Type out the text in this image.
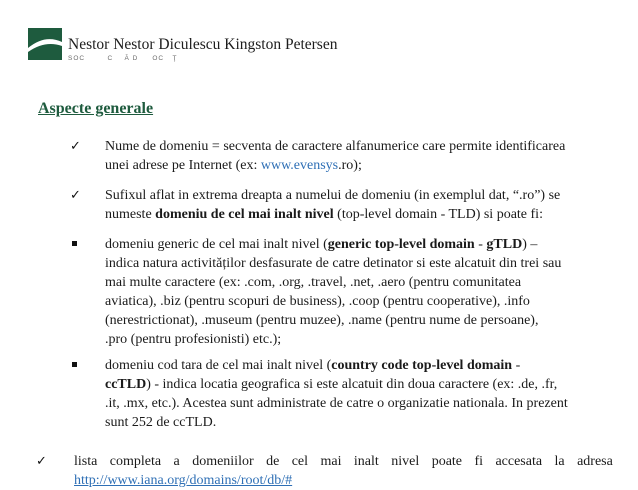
Nestor Nestor Diculescu Kingston Petersen
SOC        C    Ă D     OC   Ţ
Aspecte generale
✓ Nume de domeniu = secventa de caractere alfanumerice care permite identificarea
unei adrese pe Internet (ex: www.evensys.ro);
✓ Sufixul aflat in extrema dreapta a numelui de domeniu (in exemplul dat, “.ro”) se
numeste domeniu de cel mai inalt nivel (top-level domain - TLD) si poate fi:
domeniu generic de cel mai inalt nivel (generic top-level domain - gTLD) –
indica natura activităților desfasurate de catre detinator si este alcatuit din trei sau
mai multe caractere (ex: .com, .org, .travel, .net, .aero (pentru comunitatea
aviatica), .biz (pentru scopuri de business), .coop (pentru cooperative), .info
(nerestrictionat), .museum (pentru muzee), .name (pentru nume de persoane),
.pro (pentru profesionisti) etc.);
domeniu cod tara de cel mai inalt nivel (country code top-level domain -
ccTLD) - indica locatia geografica si este alcatuit din doua caractere (ex: .de, .fr,
.it, .mx, etc.). Acestea sunt administrate de catre o organizatie nationala. In prezent
sunt 252 de ccTLD.
✓ lista completa a domeniilor de cel mai inalt nivel poate fi accesata la adresa
http://www.iana.org/domains/root/db/#
